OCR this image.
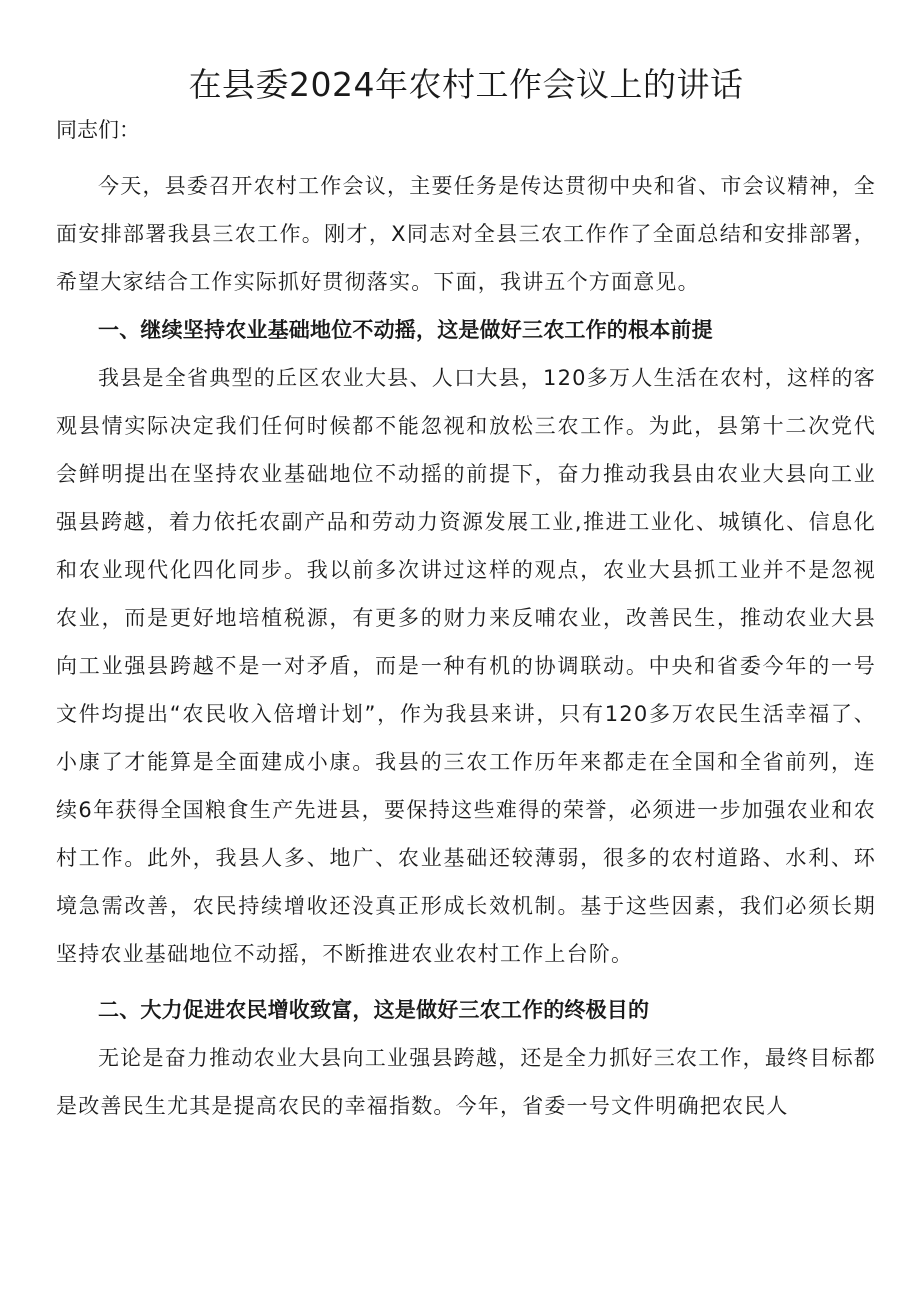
在县委2024年农村工作会议上的讲话

同志们：

今天，县委召开农村工作会议，主要任务是传达贯彻中央和省、市会议精神，全面安排部署我县三农工作。刚才，X同志对全县三农工作作了全面总结和安排部署，希望大家结合工作实际抓好贯彻落实。下面，我讲五个方面意见。

一、继续坚持农业基础地位不动摇，这是做好三农工作的根本前提

我县是全省典型的丘区农业大县、人口大县，120多万人生活在农村，这样的客观县情实际决定我们任何时候都不能忽视和放松三农工作。为此，县第十二次党代会鲜明提出在坚持农业基础地位不动摇的前提下，奋力推动我县由农业大县向工业强县跨越，着力依托农副产品和劳动力资源发展工业,推进工业化、城镇化、信息化和农业现代化四化同步。我以前多次讲过这样的观点，农业大县抓工业并不是忽视农业，而是更好地培植税源，有更多的财力来反哺农业，改善民生，推动农业大县向工业强县跨越不是一对矛盾，而是一种有机的协调联动。中央和省委今年的一号文件均提出“农民收入倍增计划”，作为我县来讲，只有120多万农民生活幸福了、小康了才能算是全面建成小康。我县的三农工作历年来都走在全国和全省前列，连续6年获得全国粮食生产先进县，要保持这些难得的荣誉，必须进一步加强农业和农村工作。此外，我县人多、地广、农业基础还较薄弱，很多的农村道路、水利、环境急需改善，农民持续增收还没真正形成长效机制。基于这些因素，我们必须长期坚持农业基础地位不动摇，不断推进农业农村工作上台阶。

二、大力促进农民增收致富，这是做好三农工作的终极目的

无论是奋力推动农业大县向工业强县跨越，还是全力抓好三农工作，最终目标都是改善民生尤其是提高农民的幸福指数。今年，省委一号文件明确把农民人
